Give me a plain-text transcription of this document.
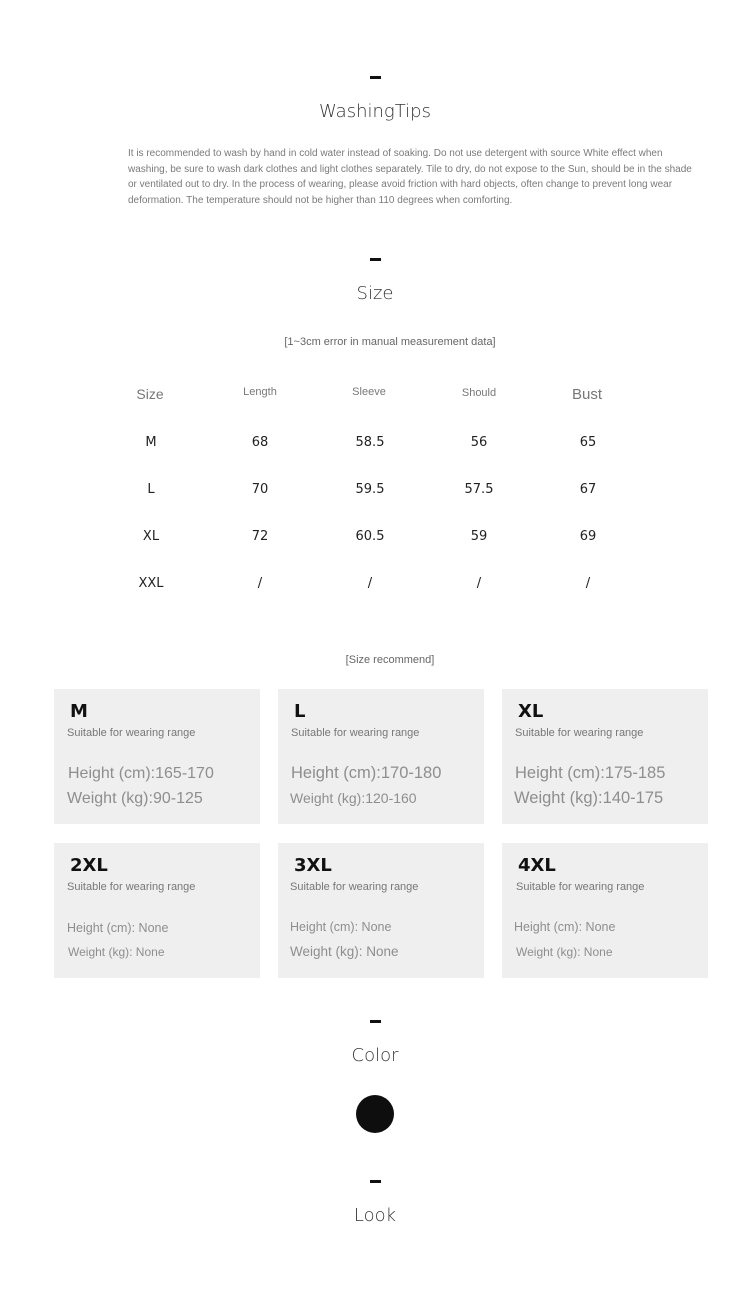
WashingTips

It is recommended to wash by hand in cold water instead of soaking. Do not use detergent with source White effect when washing, be sure to wash dark clothes and light clothes separately. Tile to dry, do not expose to the Sun, should be in the shade or ventilated out to dry. In the process of wearing, please avoid friction with hard objects, often change to prevent long wear deformation. The temperature should not be higher than 110 degrees when comforting.

Size
[1~3cm error in manual measurement data]
Size	Length	Sleeve	Should	Bust
M	68	58.5	56	65
L	70	59.5	57.5	67
XL	72	60.5	59	69
XXL	/	/	/	/
[Size recommend]
M
Suitable for wearing range
Height (cm):165-170
Weight (kg):90-125
L
Suitable for wearing range
Height (cm):170-180
Weight (kg):120-160
XL
Suitable for wearing range
Height (cm):175-185
Weight (kg):140-175
2XL
Suitable for wearing range
Height (cm): None
Weight (kg): None
3XL
Suitable for wearing range
Height (cm): None
Weight (kg): None
4XL
Suitable for wearing range
Height (cm): None
Weight (kg): None
Color
Look
